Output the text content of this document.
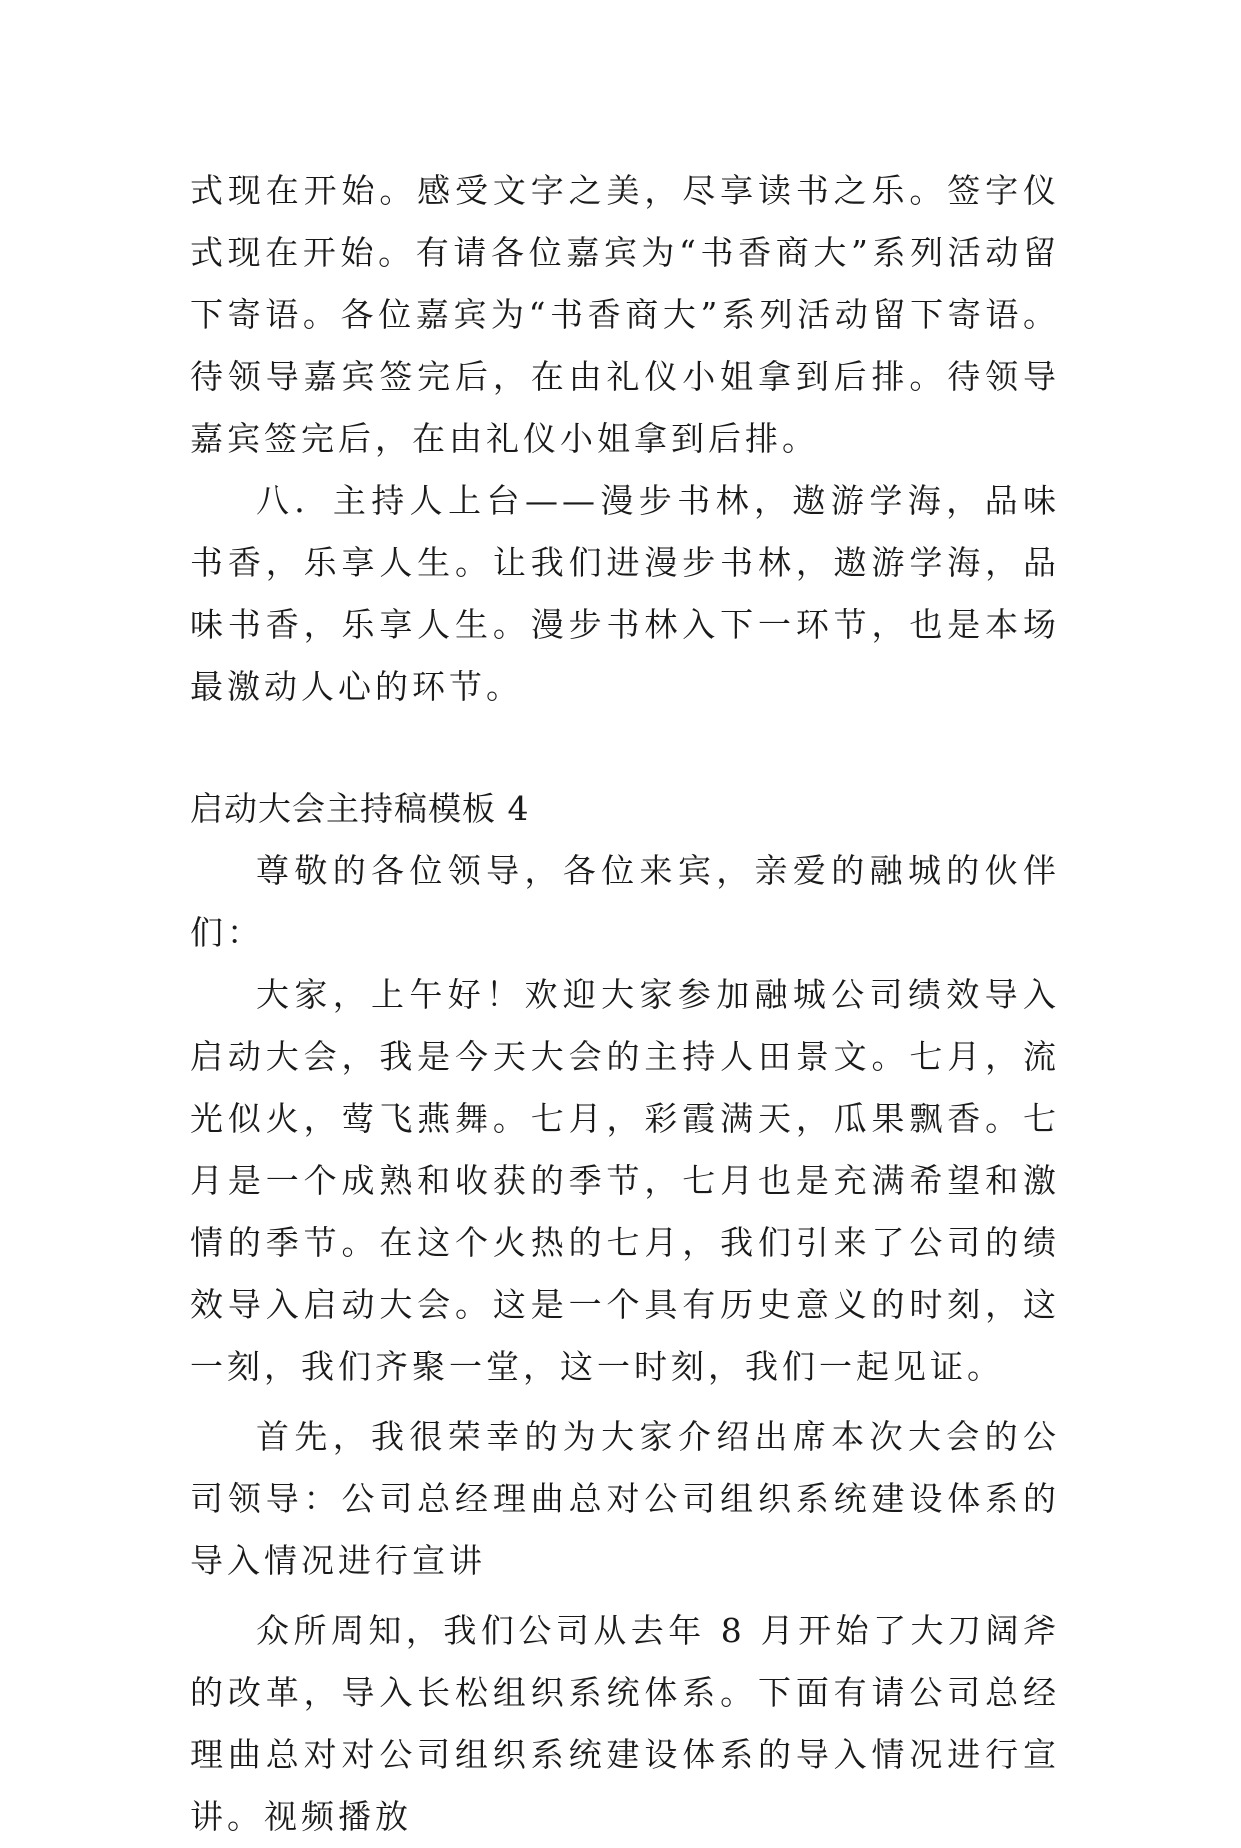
式现在开始。感受文字之美，尽享读书之乐。签字仪式现在开始。有请各位嘉宾为“书香商大”系列活动留下寄语。各位嘉宾为“书香商大”系列活动留下寄语。待领导嘉宾签完后，在由礼仪小姐拿到后排。待领导嘉宾签完后，在由礼仪小姐拿到后排。

八．主持人上台——漫步书林，遨游学海，品味书香，乐享人生。让我们进漫步书林，遨游学海，品味书香，乐享人生。漫步书林入下一环节，也是本场最激动人心的环节。

启动大会主持稿模板 4

尊敬的各位领导，各位来宾，亲爱的融城的伙伴们：

大家，上午好！欢迎大家参加融城公司绩效导入启动大会，我是今天大会的主持人田景文。七月，流光似火，莺飞燕舞。七月，彩霞满天，瓜果飘香。七月是一个成熟和收获的季节，七月也是充满希望和激情的季节。在这个火热的七月，我们引来了公司的绩效导入启动大会。这是一个具有历史意义的时刻，这一刻，我们齐聚一堂，这一时刻，我们一起见证。

首先，我很荣幸的为大家介绍出席本次大会的公司领导：公司总经理曲总对公司组织系统建设体系的导入情况进行宣讲

众所周知，我们公司从去年 8 月开始了大刀阔斧的改革，导入长松组织系统体系。下面有请公司总经理曲总对对公司组织系统建设体系的导入情况进行宣讲。视频播放
